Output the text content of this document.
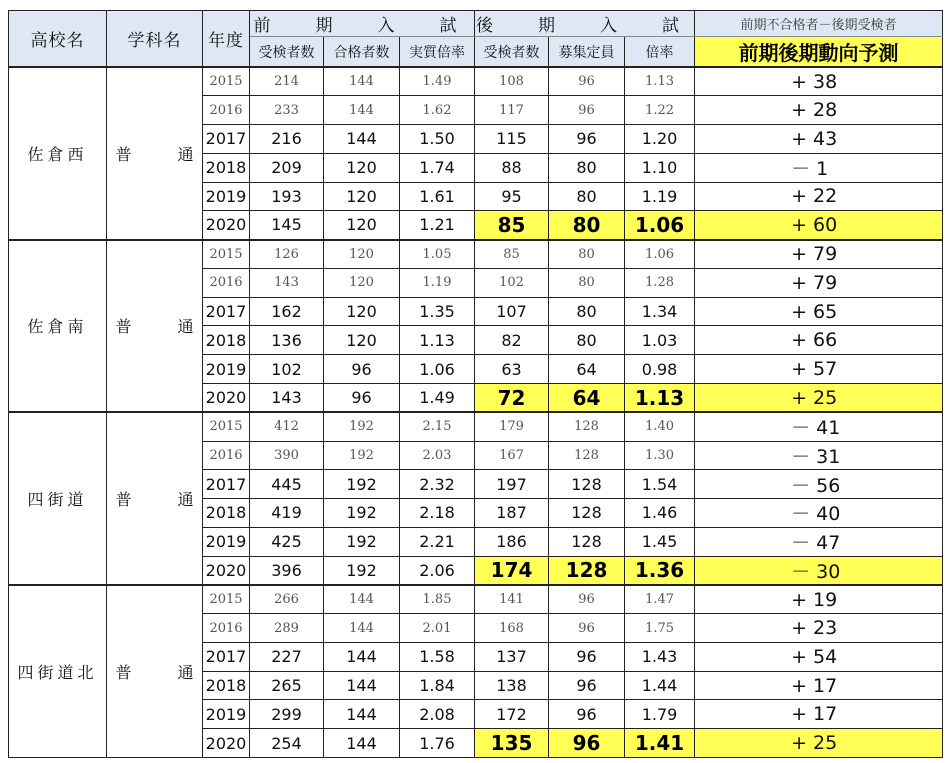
高校名	学科名	年度	前　期　入　試			後　期　入　試			前期不合格者－後期受検者
			受検者数	合格者数	実質倍率	受検者数	募集定員	倍率	前期後期動向予測
佐倉西	普　通	2015	214	144	1.49	108	96	1.13	+ 38
		2016	233	144	1.62	117	96	1.22	+ 28
		2017	216	144	1.50	115	96	1.20	+ 43
		2018	209	120	1.74	88	80	1.10	－ 1
		2019	193	120	1.61	95	80	1.19	+ 22
		2020	145	120	1.21	85	80	1.06	+ 60
佐倉南	普　通	2015	126	120	1.05	85	80	1.06	+ 79
		2016	143	120	1.19	102	80	1.28	+ 79
		2017	162	120	1.35	107	80	1.34	+ 65
		2018	136	120	1.13	82	80	1.03	+ 66
		2019	102	96	1.06	63	64	0.98	+ 57
		2020	143	96	1.49	72	64	1.13	+ 25
四街道	普　通	2015	412	192	2.15	179	128	1.40	－ 41
		2016	390	192	2.03	167	128	1.30	－ 31
		2017	445	192	2.32	197	128	1.54	－ 56
		2018	419	192	2.18	187	128	1.46	－ 40
		2019	425	192	2.21	186	128	1.45	－ 47
		2020	396	192	2.06	174	128	1.36	－ 30
四街道北	普　通	2015	266	144	1.85	141	96	1.47	+ 19
		2016	289	144	2.01	168	96	1.75	+ 23
		2017	227	144	1.58	137	96	1.43	+ 54
		2018	265	144	1.84	138	96	1.44	+ 17
		2019	299	144	2.08	172	96	1.79	+ 17
		2020	254	144	1.76	135	96	1.41	+ 25
